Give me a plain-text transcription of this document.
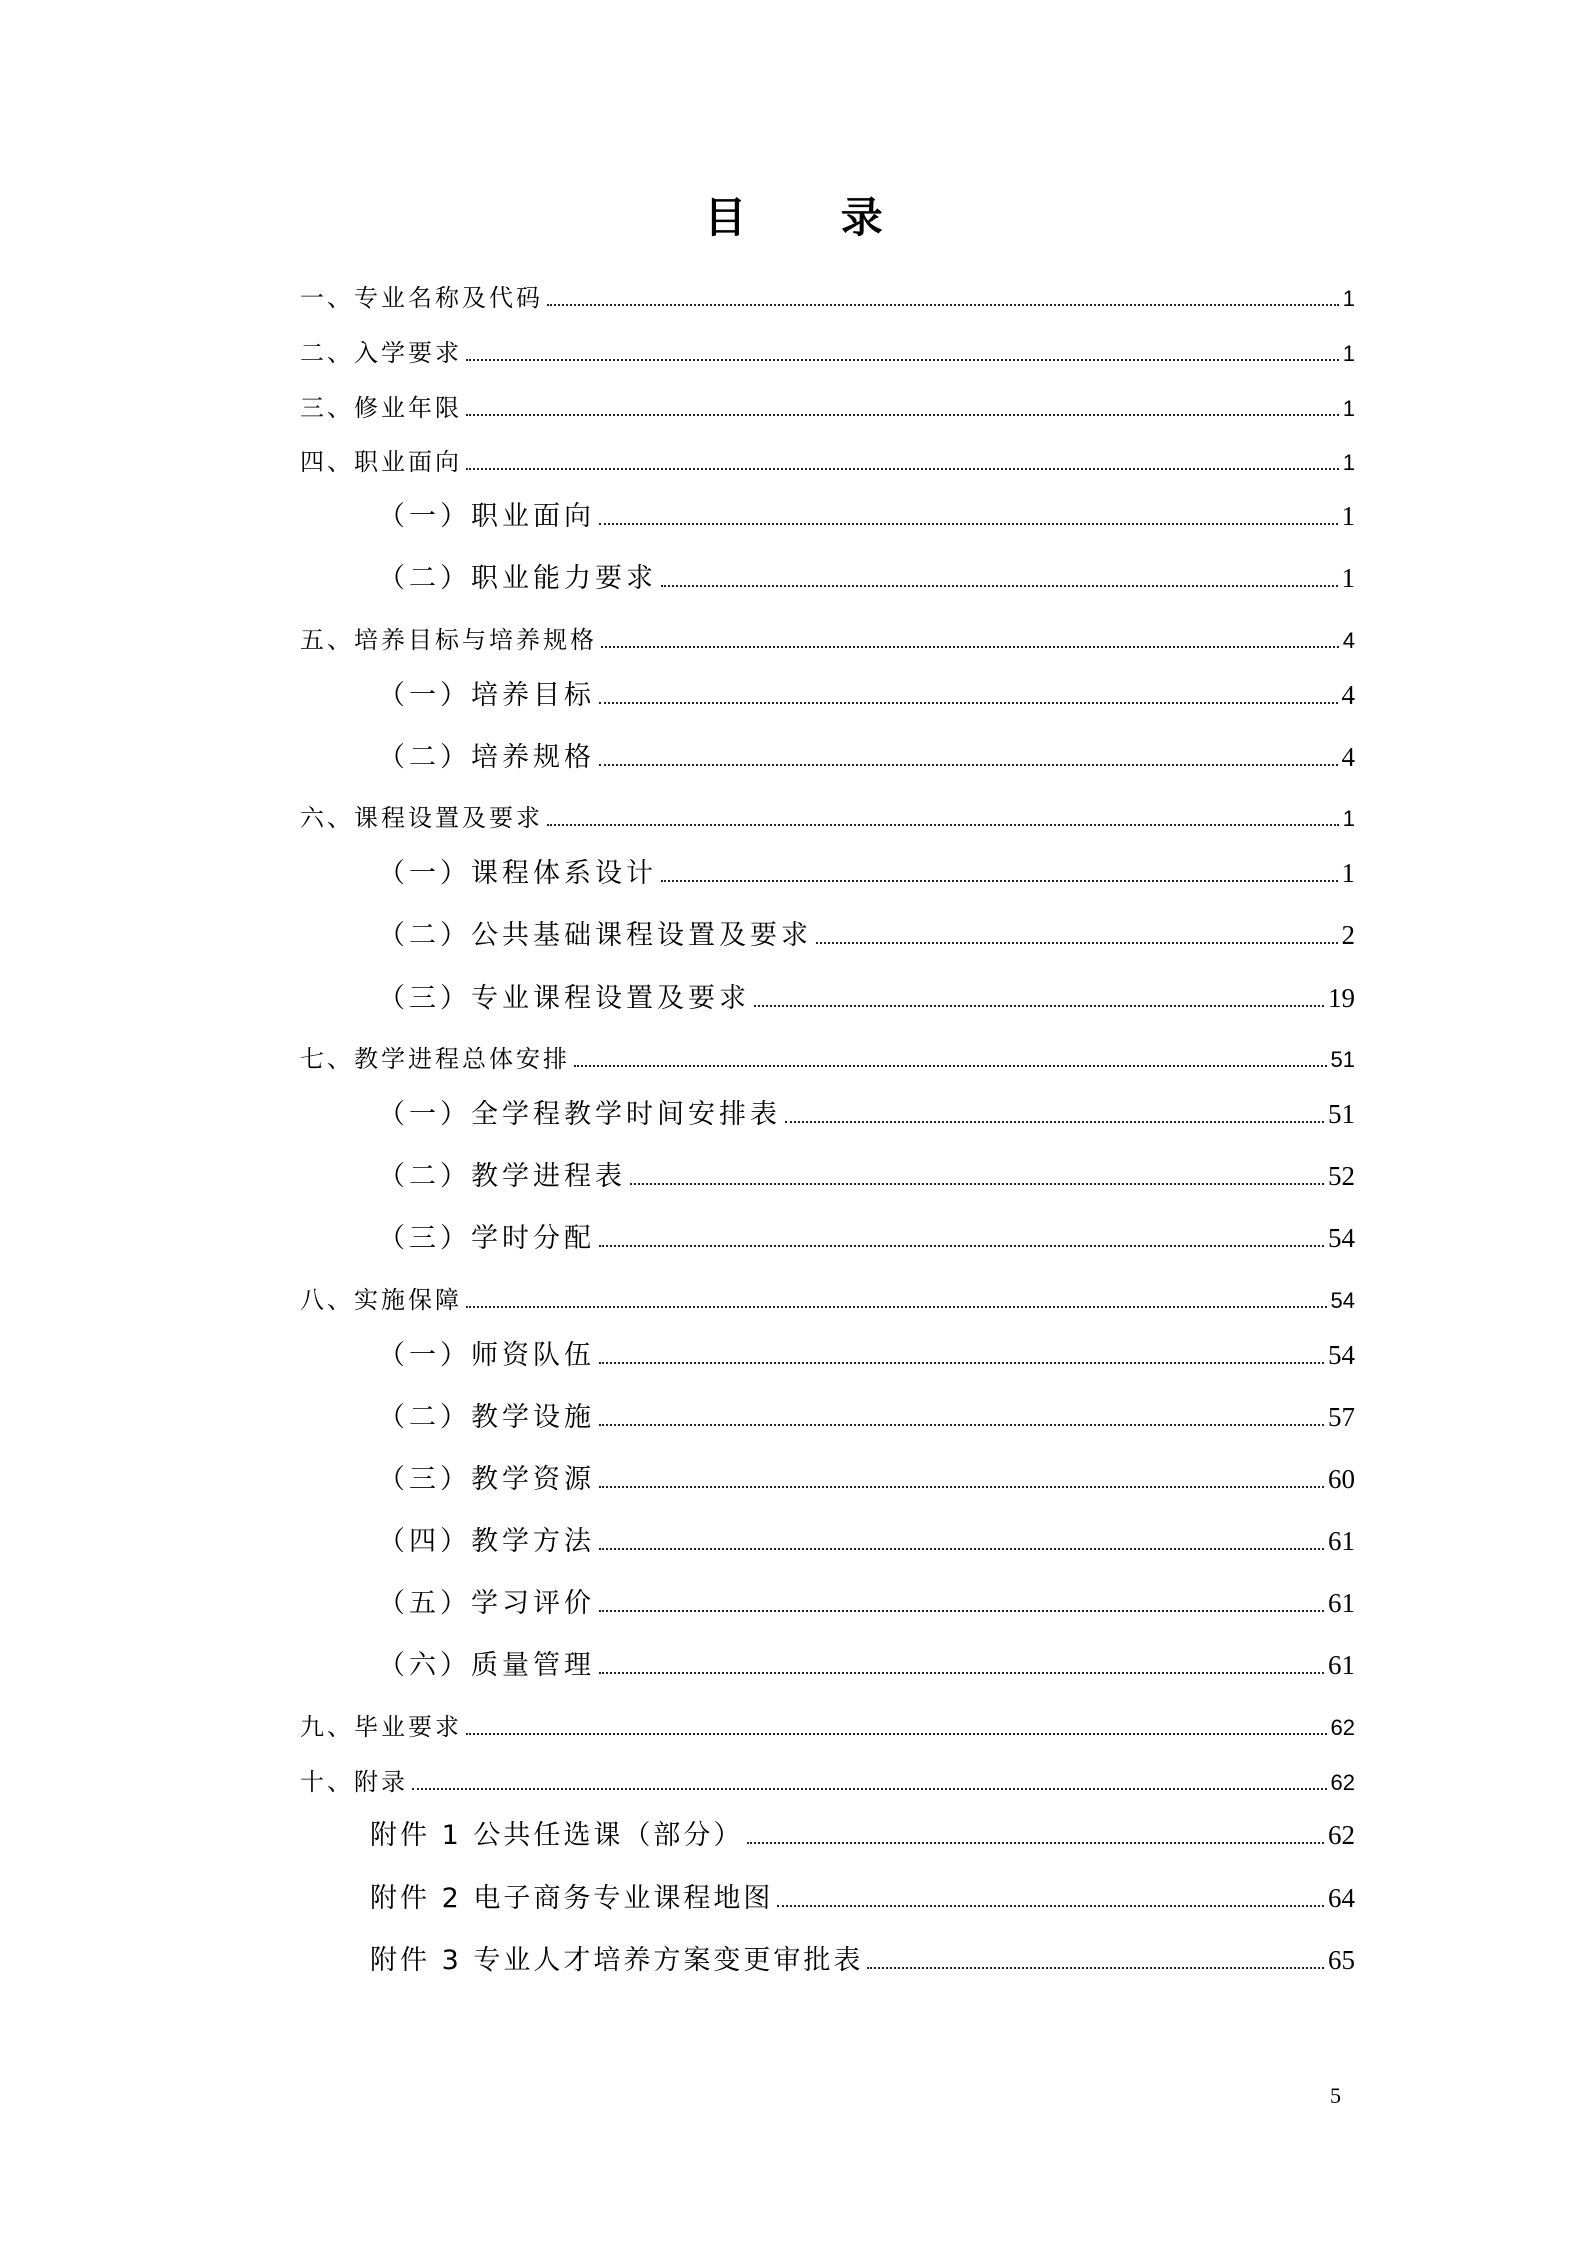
目 录
一、专业名称及代码	1
二、入学要求	1
三、修业年限	1
四、职业面向	1
（一）职业面向	1
（二）职业能力要求	1
五、培养目标与培养规格	4
（一）培养目标	4
（二）培养规格	4
六、课程设置及要求	1
（一）课程体系设计	1
（二）公共基础课程设置及要求	2
（三）专业课程设置及要求	19
七、教学进程总体安排	51
（一）全学程教学时间安排表	51
（二）教学进程表	52
（三）学时分配	54
八、实施保障	54
（一）师资队伍	54
（二）教学设施	57
（三）教学资源	60
（四）教学方法	61
（五）学习评价	61
（六）质量管理	61
九、毕业要求	62
十、附录	62
附件 1 公共任选课（部分）	62
附件 2 电子商务专业课程地图	64
附件 3 专业人才培养方案变更审批表	65
5
